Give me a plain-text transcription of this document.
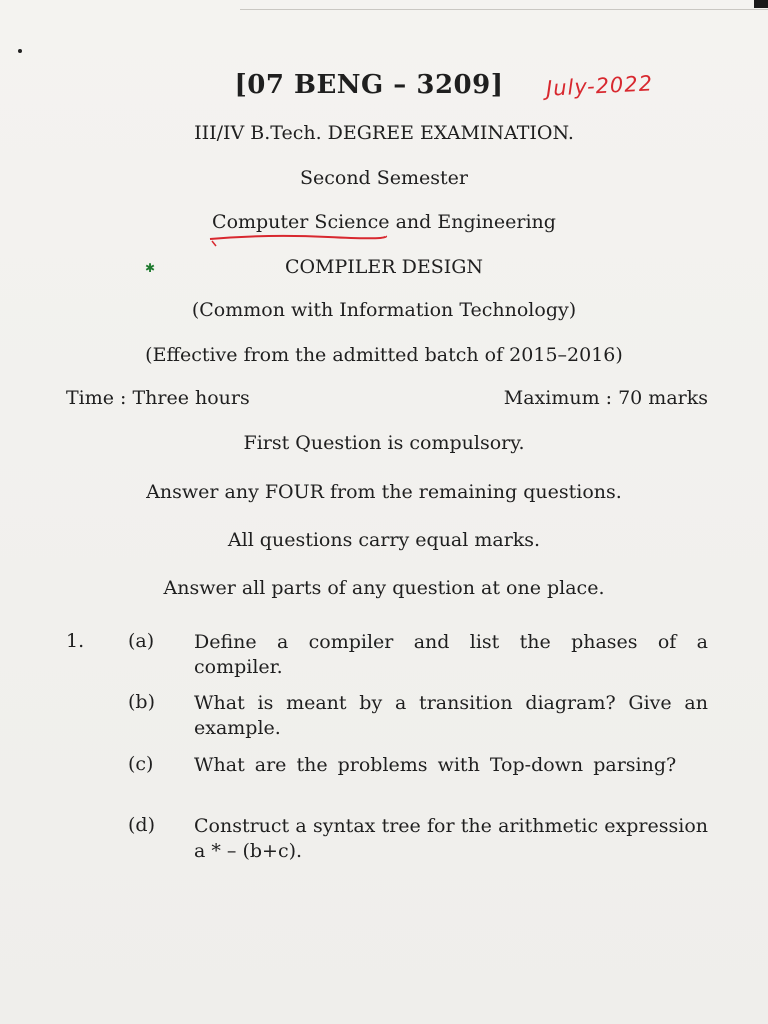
[07 BENG – 3209]	July-2022
III/IV B.Tech. DEGREE EXAMINATION.
Second Semester
Computer Science and Engineering
✱	COMPILER DESIGN
(Common with Information Technology)
(Effective from the admitted batch of 2015–2016)
Time : Three hours	Maximum : 70 marks
First Question is compulsory.
Answer any FOUR from the remaining questions.
All questions carry equal marks.
Answer all parts of any question at one place.
1. (a)	Define a compiler and list the phases of a compiler.
(b)	What is meant by a transition diagram? Give an example.
(c)	What are the problems with Top-down parsing?
(d)	Construct a syntax tree for the arithmetic expression a * – (b+c).
